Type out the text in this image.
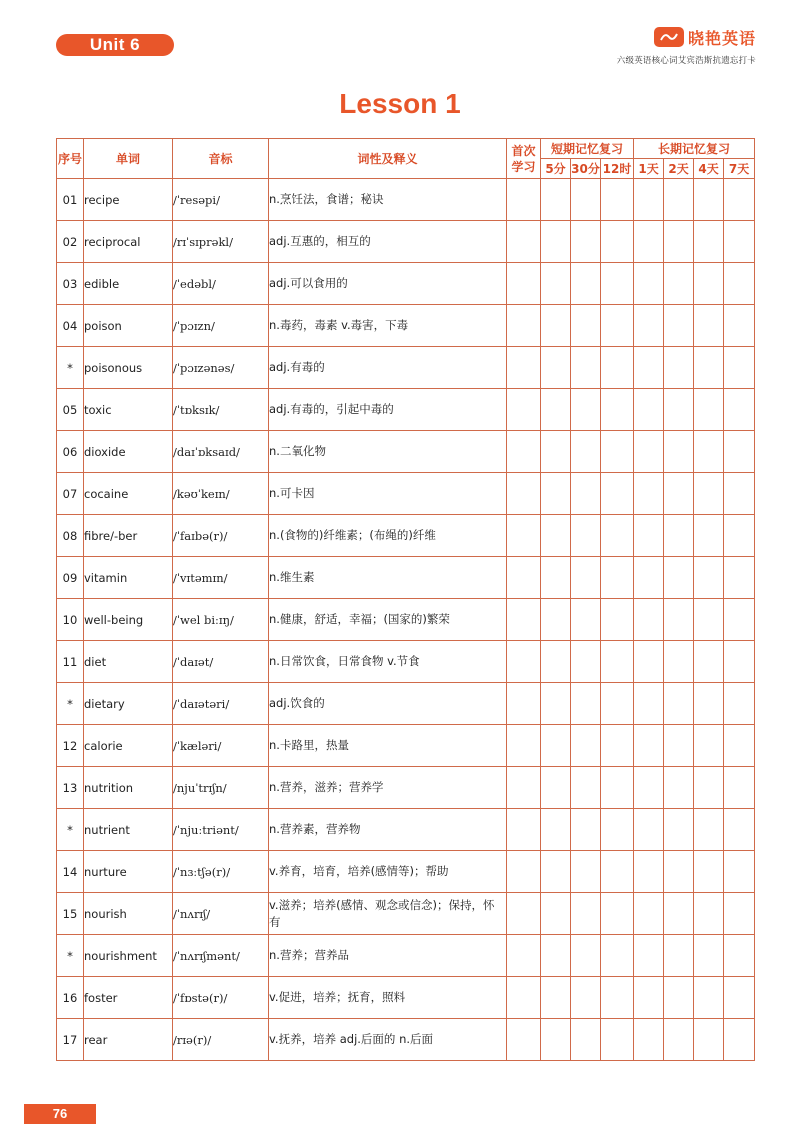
Unit 6	晓艳英语
六级英语核心词艾宾浩斯抗遗忘打卡
Lesson 1
序号	单词	音标	词性及释义	首次学习	短期记忆复习			长期记忆复习			
					5分	30分	12时	1天	2天	4天	7天
01	recipe	/ˈresəpi/	n.烹饪法，食谱；秘诀								
02	reciprocal	/rɪˈsɪprəkl/	adj.互惠的，相互的								
03	edible	/ˈedəbl/	adj.可以食用的								
04	poison	/ˈpɔɪzn/	n.毒药，毒素 v.毒害，下毒								
*	poisonous	/ˈpɔɪzənəs/	adj.有毒的								
05	toxic	/ˈtɒksɪk/	adj.有毒的，引起中毒的								
06	dioxide	/daɪˈɒksaɪd/	n.二氧化物								
07	cocaine	/kəʊˈkeɪn/	n.可卡因								
08	fibre/-ber	/ˈfaɪbə(r)/	n.(食物的)纤维素；(布绳的)纤维								
09	vitamin	/ˈvɪtəmɪn/	n.维生素								
10	well-being	/ˈwel biːɪŋ/	n.健康，舒适，幸福；(国家的)繁荣								
11	diet	/ˈdaɪət/	n.日常饮食，日常食物 v.节食								
*	dietary	/ˈdaɪətəri/	adj.饮食的								
12	calorie	/ˈkæləri/	n.卡路里，热量								
13	nutrition	/njuˈtrɪʃn/	n.营养，滋养；营养学								
*	nutrient	/ˈnjuːtriənt/	n.营养素，营养物								
14	nurture	/ˈnɜːtʃə(r)/	v.养育，培育，培养(感情等)；帮助								
15	nourish	/ˈnʌrɪʃ/	v.滋养；培养(感情、观念或信念)；保持，怀有								
*	nourishment	/ˈnʌrɪʃmənt/	n.营养；营养品								
16	foster	/ˈfɒstə(r)/	v.促进，培养；抚育，照料								
17	rear	/rɪə(r)/	v.抚养，培养 adj.后面的 n.后面								
76
